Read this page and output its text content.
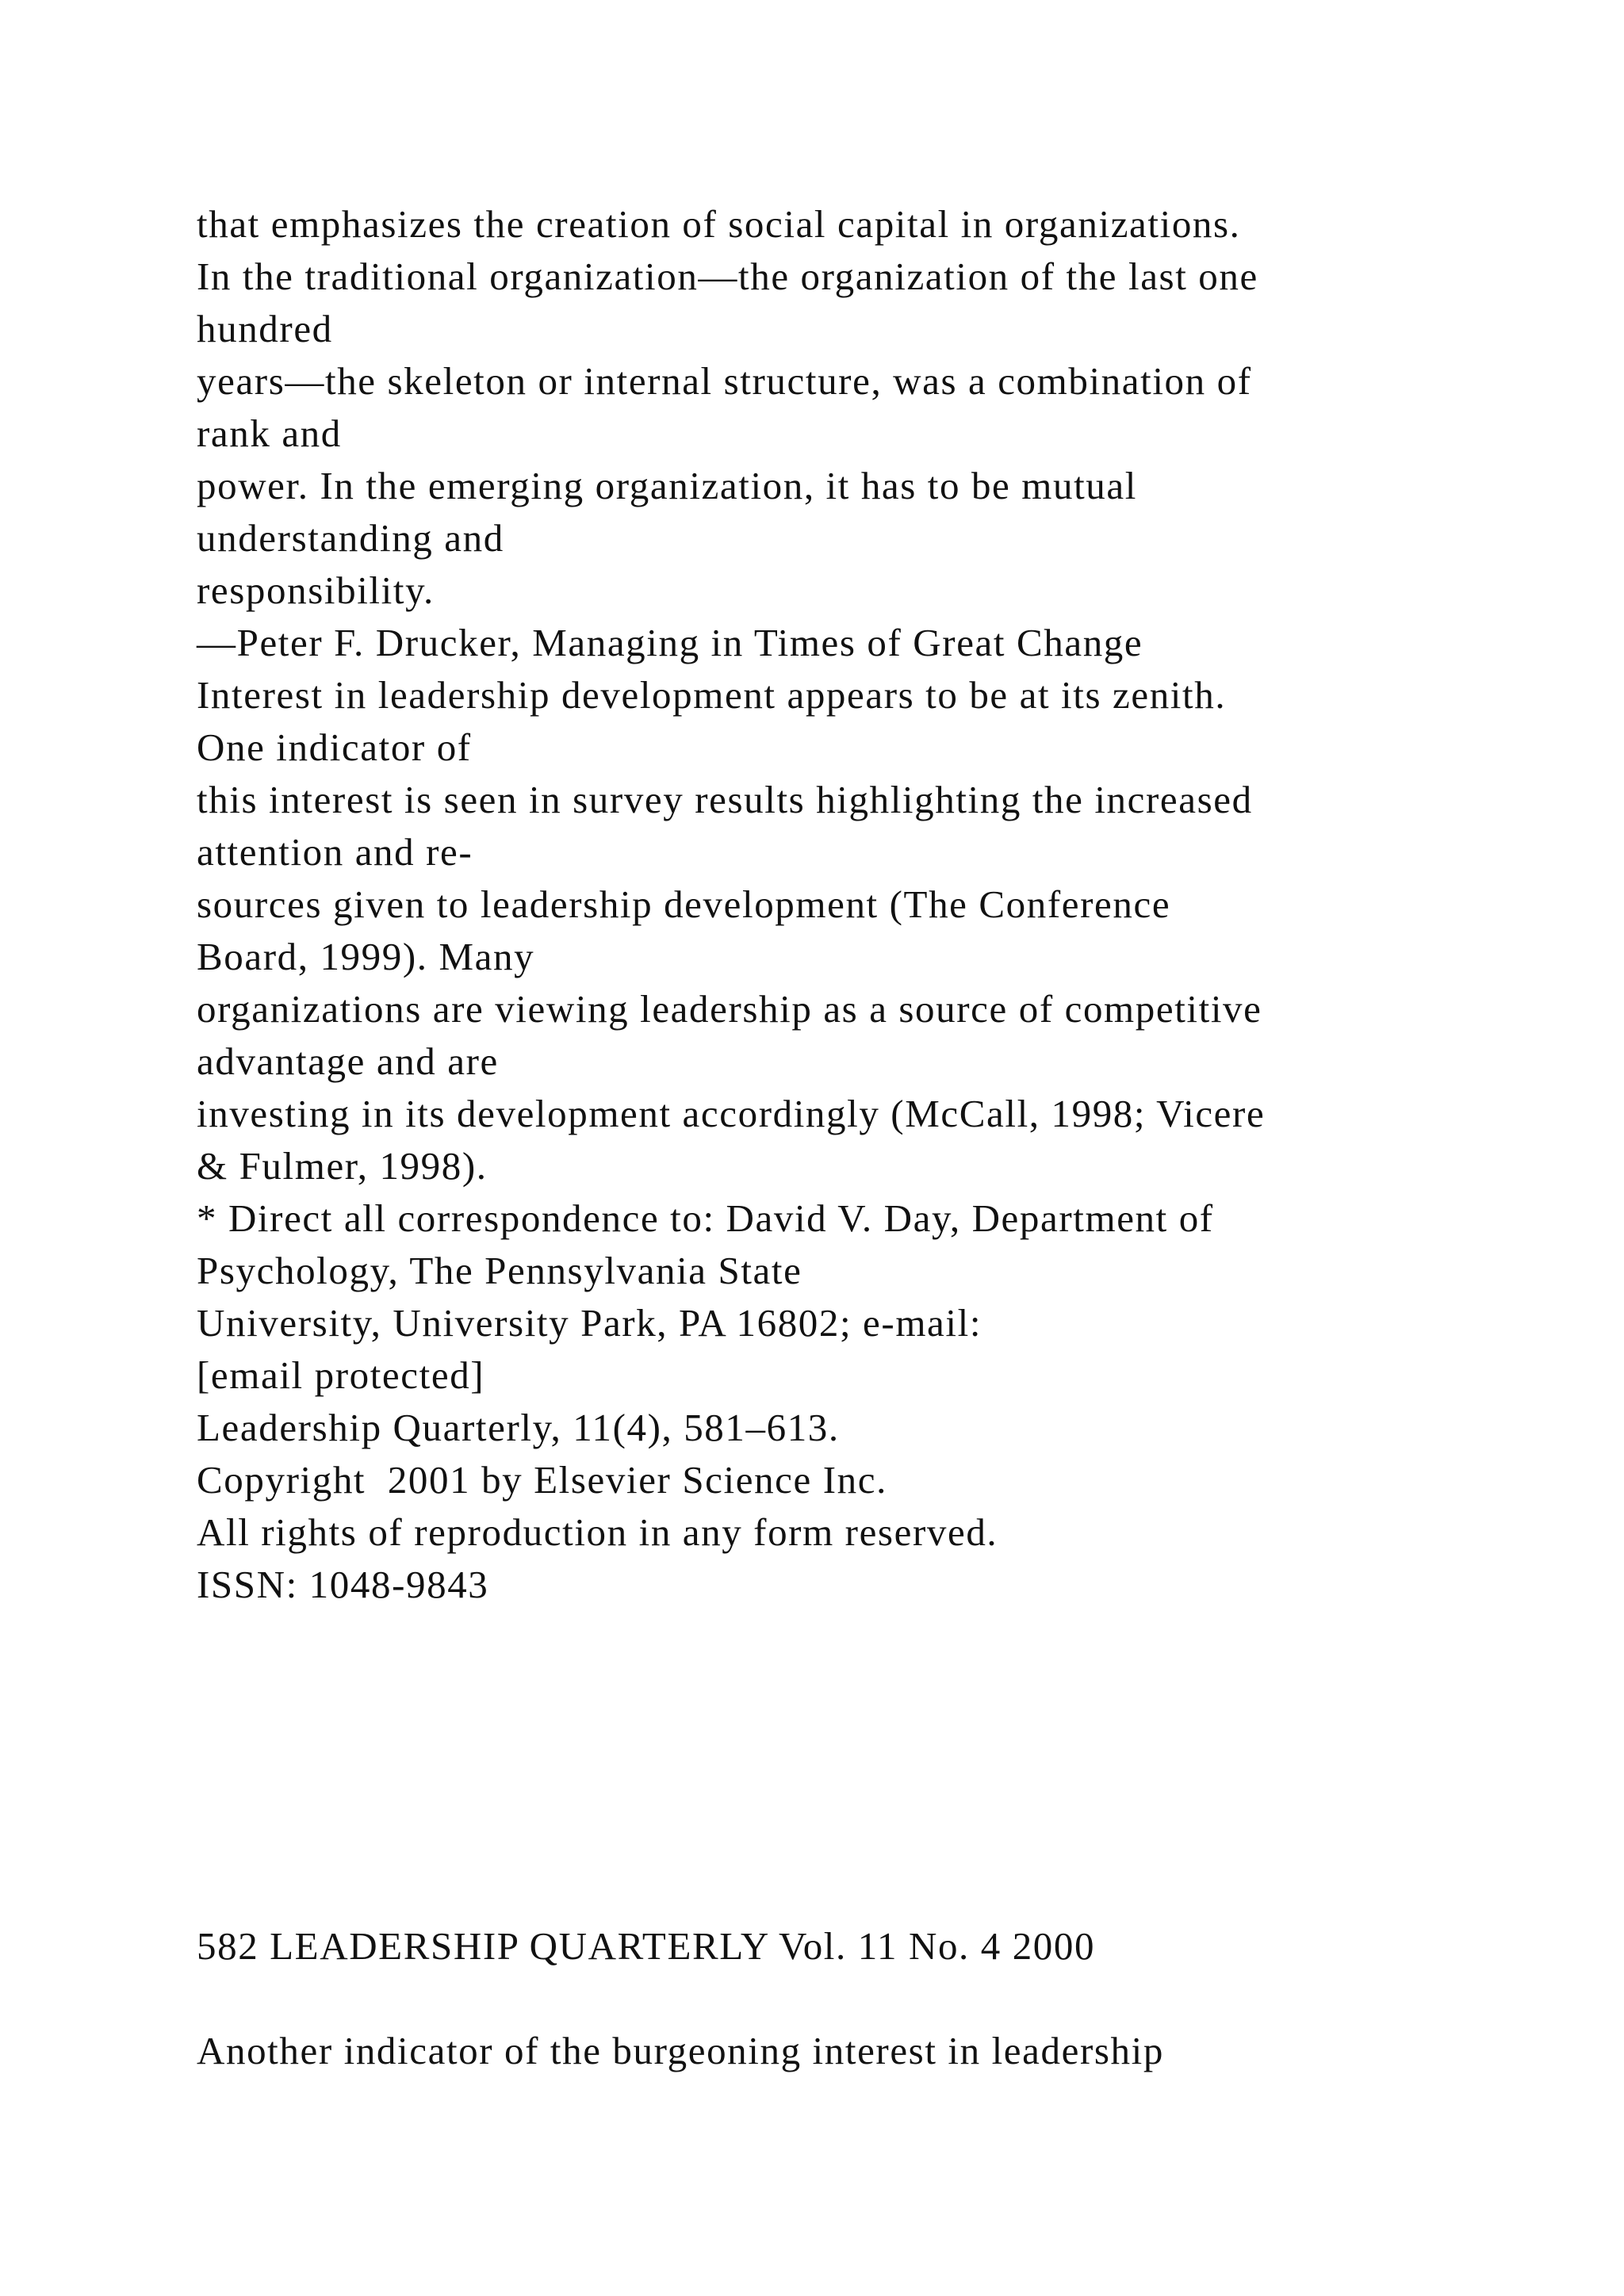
that emphasizes the creation of social capital in organizations.
In the traditional organization—the organization of the last one
hundred
years—the skeleton or internal structure, was a combination of
rank and
power. In the emerging organization, it has to be mutual
understanding and
responsibility.
—Peter F. Drucker, Managing in Times of Great Change
Interest in leadership development appears to be at its zenith.
One indicator of
this interest is seen in survey results highlighting the increased
attention and re-
sources given to leadership development (The Conference
Board, 1999). Many
organizations are viewing leadership as a source of competitive
advantage and are
investing in its development accordingly (McCall, 1998; Vicere
& Fulmer, 1998).
* Direct all correspondence to: David V. Day, Department of
Psychology, The Pennsylvania State
University, University Park, PA 16802; e-mail:
[email protected]
Leadership Quarterly, 11(4), 581–613.
Copyright  2001 by Elsevier Science Inc.
All rights of reproduction in any form reserved.
ISSN: 1048-9843
582 LEADERSHIP QUARTERLY Vol. 11 No. 4 2000
Another indicator of the burgeoning interest in leadership
